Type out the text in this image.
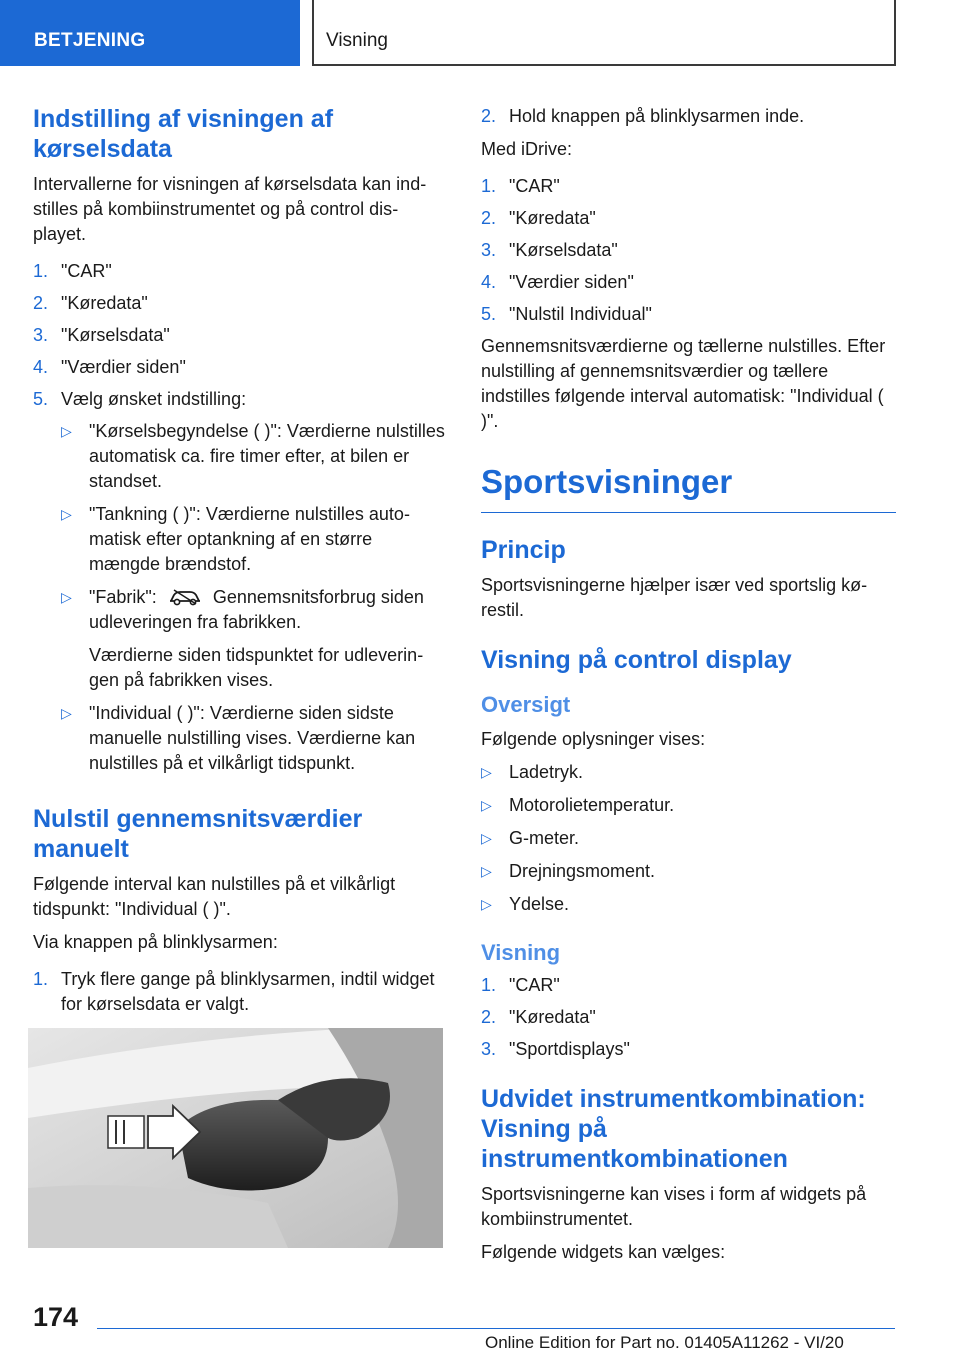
BETJENING	Visning
Indstilling af visningen af kørselsdata

Intervallerne for visningen af kørselsdata kan indstilles på kombiinstrumentet og på control displayet.

1. "CAR"
2. "Køredata"
3. "Kørselsdata"
4. "Værdier siden"
5. Vælg ønsket indstilling:
▷ "Kørselsbegyndelse ( )": Værdierne nulstilles automatisk ca. fire timer efter, at bilen er standset.
▷ "Tankning ( )": Værdierne nulstilles automatisk efter optankning af en større mængde brændstof.
▷ "Fabrik":	Gennemsnitsforbrug siden udleveringen fra fabrikken.
Værdierne siden tidspunktet for udleveringen på fabrikken vises.
▷ "Individual ( )": Værdierne siden sidste manuelle nulstilling vises. Værdierne kan nulstilles på et vilkårligt tidspunkt.
Nulstil gennemsnitsværdier manuelt

Følgende interval kan nulstilles på et vilkårligt tidspunkt: "Individual ( )".

Via knappen på blinklysarmen:

1. Tryk flere gange på blinklysarmen, indtil widget for kørselsdata er valgt.
2. Hold knappen på blinklysarmen inde.

Med iDrive:

1. "CAR"
2. "Køredata"
3. "Kørselsdata"
4. "Værdier siden"
5. "Nulstil Individual"

Gennemsnitsværdierne og tællerne nulstilles. Efter nulstilling af gennemsnitsværdier og tællere indstilles følgende interval automatisk: "Individual ( )".

Sportsvisninger
Princip

Sportsvisningerne hjælper især ved sportslig kørestil.

Visning på control display
Oversigt

Følgende oplysninger vises:

▷ Ladetryk.
▷ Motorolietemperatur.
▷ G-meter.
▷ Drejningsmoment.
▷ Ydelse.
Visning
1. "CAR"
2. "Køredata"
3. "Sportdisplays"
Udvidet instrumentkombination: Visning på instrumentkombinationen

Sportsvisningerne kan vises i form af widgets på kombiinstrumentet.

Følgende widgets kan vælges:

174
Online Edition for Part no. 01405A11262 - VI/20
